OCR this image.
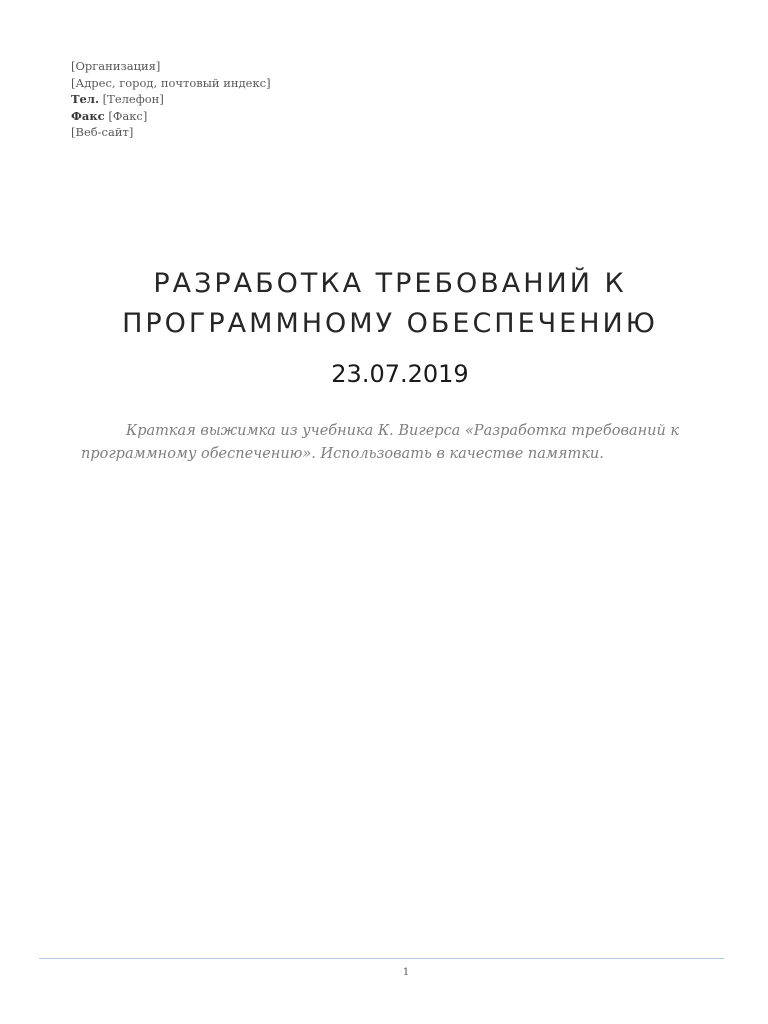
[Организация]
[Адрес, город, почтовый индекс]
Тел. [Телефон]
Факс [Факс]
[Веб-сайт]
РАЗРАБОТКА ТРЕБОВАНИЙ К
ПРОГРАММНОМУ ОБЕСПЕЧЕНИЮ
23.07.2019

Краткая выжимка из учебника К. Вигерса «Разработка требований к программному обеспечению». Использовать в качестве памятки.

1
